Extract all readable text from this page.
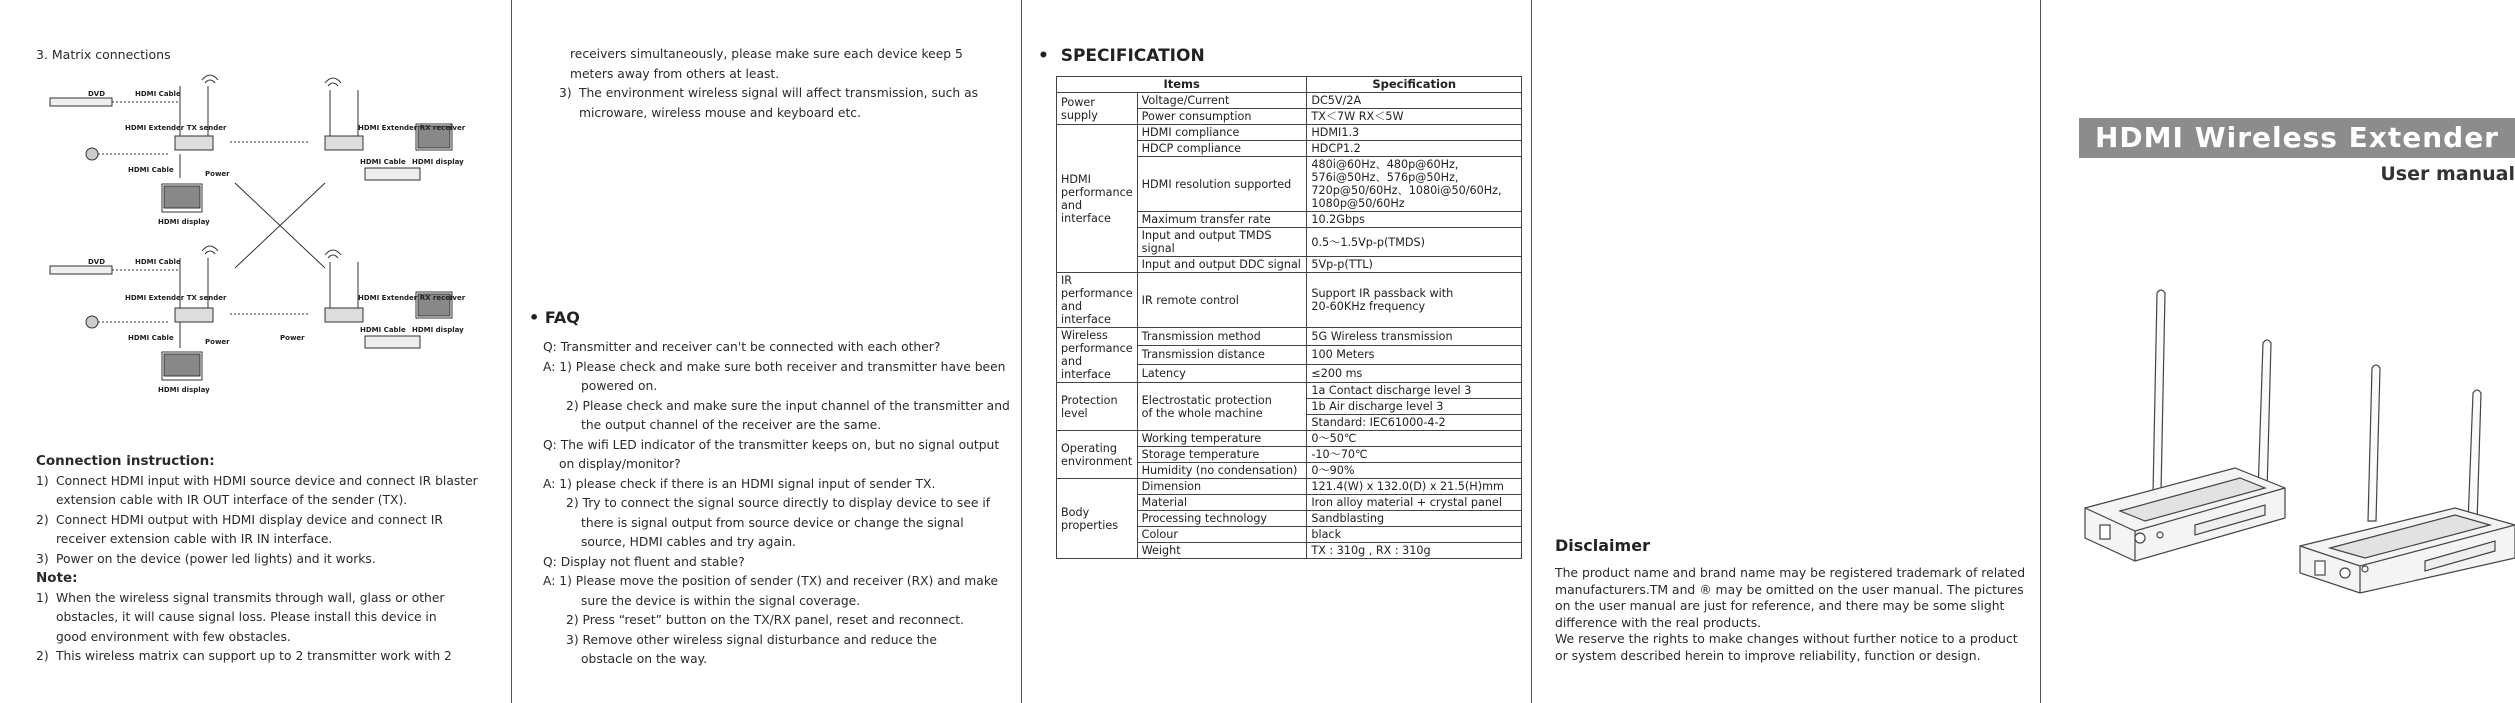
3. Matrix connections
DVD	HDMI Cable
HDMI Extender TX sender	HDMI Extender RX receiver
Power
HDMI Cable HDMI display
HDMI Cable
HDMI display
DVD	HDMI Cable
HDMI Extender TX sender	HDMI Extender RX receiver
Power	Power
HDMI Cable HDMI display
HDMI Cable
HDMI display
Connection instruction:
1) Connect HDMI input with HDMI source device and connect IR blaster
extension cable with IR OUT interface of the sender (TX).
2) Connect HDMI output with HDMI display device and connect IR
receiver extension cable with IR IN interface.
3) Power on the device (power led lights) and it works.
Note:
1) When the wireless signal transmits through wall, glass or other
obstacles, it will cause signal loss. Please install this device in
good environment with few obstacles.
2) This wireless matrix can support up to 2 transmitter work with 2
receivers simultaneously, please make sure each device keep 5
meters away from others at least.
3) The environment wireless signal will affect transmission, such as
microware, wireless mouse and keyboard etc.
• FAQ
Q: Transmitter and receiver can't be connected with each other?
A: 1) Please check and make sure both receiver and transmitter have been
powered on.
2) Please check and make sure the input channel of the transmitter and
the output channel of the receiver are the same.
Q: The wifi LED indicator of the transmitter keeps on, but no signal output
on display/monitor?
A: 1) please check if there is an HDMI signal input of sender TX.
2) Try to connect the signal source directly to display device to see if
there is signal output from source device or change the signal
source, HDMI cables and try again.
Q: Display not fluent and stable?
A: 1) Please move the position of sender (TX) and receiver (RX) and make
sure the device is within the signal coverage.
2) Press “reset” button on the TX/RX panel, reset and reconnect.
3) Remove other wireless signal disturbance and reduce the
obstacle on the way.
• SPECIFICATION
Items		Specification
Power supply	Voltage/Current	DC5V/2A
	Power consumption	TX＜7W RX＜5W
HDMI performance and interface	HDMI compliance	HDMI1.3
	HDCP compliance	HDCP1.2
	HDMI resolution supported	480i@60Hz、480p@60Hz,
576i@50Hz、576p@50Hz,
720p@50/60Hz、1080i@50/60Hz,
1080p@50/60Hz
	Maximum transfer rate	10.2Gbps
	Input and output TMDS signal	0.5～1.5Vp-p(TMDS)
	Input and output DDC signal	5Vp-p(TTL)
IR performance and interface	IR remote control	Support IR passback with
20-60KHz frequency
Wireless performance and interface	Transmission method	5G Wireless transmission
	Transmission distance	100 Meters
	Latency	≤200 ms
Protection level	Electrostatic protection
of the whole machine	1a Contact discharge level 3
		1b Air discharge level 3
		Standard: IEC61000-4-2
Operating environment	Working temperature	0～50℃
	Storage temperature	-10～70℃
	Humidity (no condensation)	0～90%
Body properties	Dimension	121.4(W) x 132.0(D) x 21.5(H)mm
	Material	Iron alloy material + crystal panel
	Processing technology	Sandblasting
	Colour	black
	Weight	TX : 310g , RX : 310g	Disclaimer
The product name and brand name may be registered trademark of related
manufacturers.TM and ® may be omitted on the user manual. The pictures
on the user manual are just for reference, and there may be some slight
difference with the real products.
We reserve the rights to make changes without further notice to a product
or system described herein to improve reliability, function or design.
HDMI Wireless Extender
User manual
